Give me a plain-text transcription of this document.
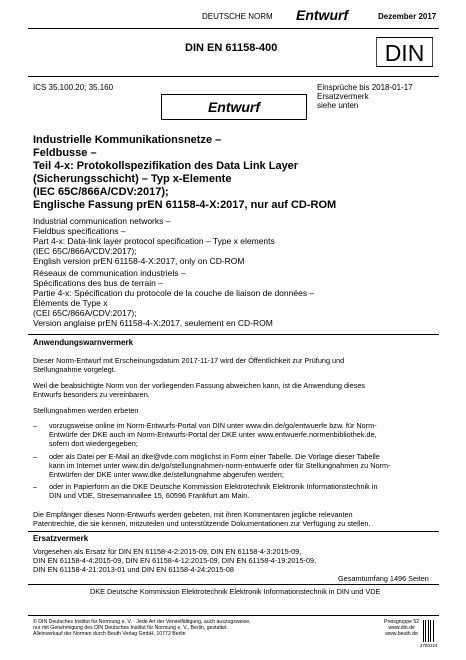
DEUTSCHE NORM Entwurf	Dezember 2017
DIN EN 61158-400	DIN
ICS 35.100.20; 35.160	Einsprüche bis 2018-01-17
Ersatzvermerk
siehe unten
Entwurf
Industrielle Kommunikationsnetze –
Feldbusse –
Teil 4-x: Protokollspezifikation des Data Link Layer
(Sicherungsschicht) – Typ x-Elemente
(IEC 65C/866A/CDV:2017);
Englische Fassung prEN 61158-4-X:2017, nur auf CD-ROM
Industrial communication networks –
Fieldbus specifications –
Part 4-x: Data-link layer protocol specification – Type x elements
(IEC 65C/866A/CDV:2017);
English version prEN 61158-4-X:2017, only on CD-ROM
Réseaux de communication industriels –
Spécifications des bus de terrain –
Partie 4-x: Spécification du protocole de la couche de liaison de données –
Éléments de Type x
(CEI 65C/866A/CDV:2017);
Version anglaise prEN 61158-4-X:2017, seulement en CD-ROM
Anwendungswarnvermerk
Dieser Norm-Entwurf mit Erscheinungsdatum 2017-11-17 wird der Öffentlichkeit zur Prüfung und
Stellungnahme vorgelegt.
Weil die beabsichtigte Norm von der vorliegenden Fassung abweichen kann, ist die Anwendung dieses
Entwurfs besonders zu vereinbaren.
Stellungnahmen werden erbeten
– vorzugsweise online im Norm-Entwurfs-Portal von DIN unter www.din.de/go/entwuerfe bzw. für Norm-
Entwürfe der DKE auch im Norm-Entwurfs-Portal der DKE unter www.entwuerfe.normenbibliothek.de,
sofern dort wiedergegeben;
– oder als Datei per E-Mail an dke@vde.com möglichst in Form einer Tabelle. Die Vorlage dieser Tabelle
kann im Internet unter www.din.de/go/stellungnahmen-norm-entwuerfe oder für Stellungnahmen zu Norm-
Entwürfen der DKE unter www.dke.de/stellungnahme abgerufen werden;
– oder in Papierform an die DKE Deutsche Kommission Elektrotechnik Elektronik Informationstechnik in
DIN und VDE, Stresemannallee 15, 60596 Frankfurt am Main.
Die Empfänger dieses Norm-Entwurfs werden gebeten, mit ihren Kommentaren jegliche relevanten
Patentrechte, die sie kennen, mitzuteilen und unterstützende Dokumentationen zur Verfügung zu stellen.
Ersatzvermerk
Vorgesehen als Ersatz für DIN EN 61158-4-2:2015-09, DIN EN 61158-4-3:2015-09,
DIN EN 61158-4-4:2015-09, DIN EN 61158-4-12:2015-09, DIN EN 61158-4-19:2015-09,
DIN EN 61158-4-21:2013-01 und DIN EN 61158-4-24:2015-08
Gesamtumfang 1496 Seiten
DKE Deutsche Kommission Elektrotechnik Elektronik Informationstechnik in DIN und VDE
© DIN Deutsches Institut für Normung e. V. · Jede Art der Vervielfältigung, auch auszugsweise,
nur mit Genehmigung des DIN Deutsches Institut für Normung e. V., Berlin, gestattet.
Alleinverkauf der Normen durch Beuth Verlag GmbH, 10772 Berlin
Preisgruppe 52
www.din.de
www.beuth.de
2780224
